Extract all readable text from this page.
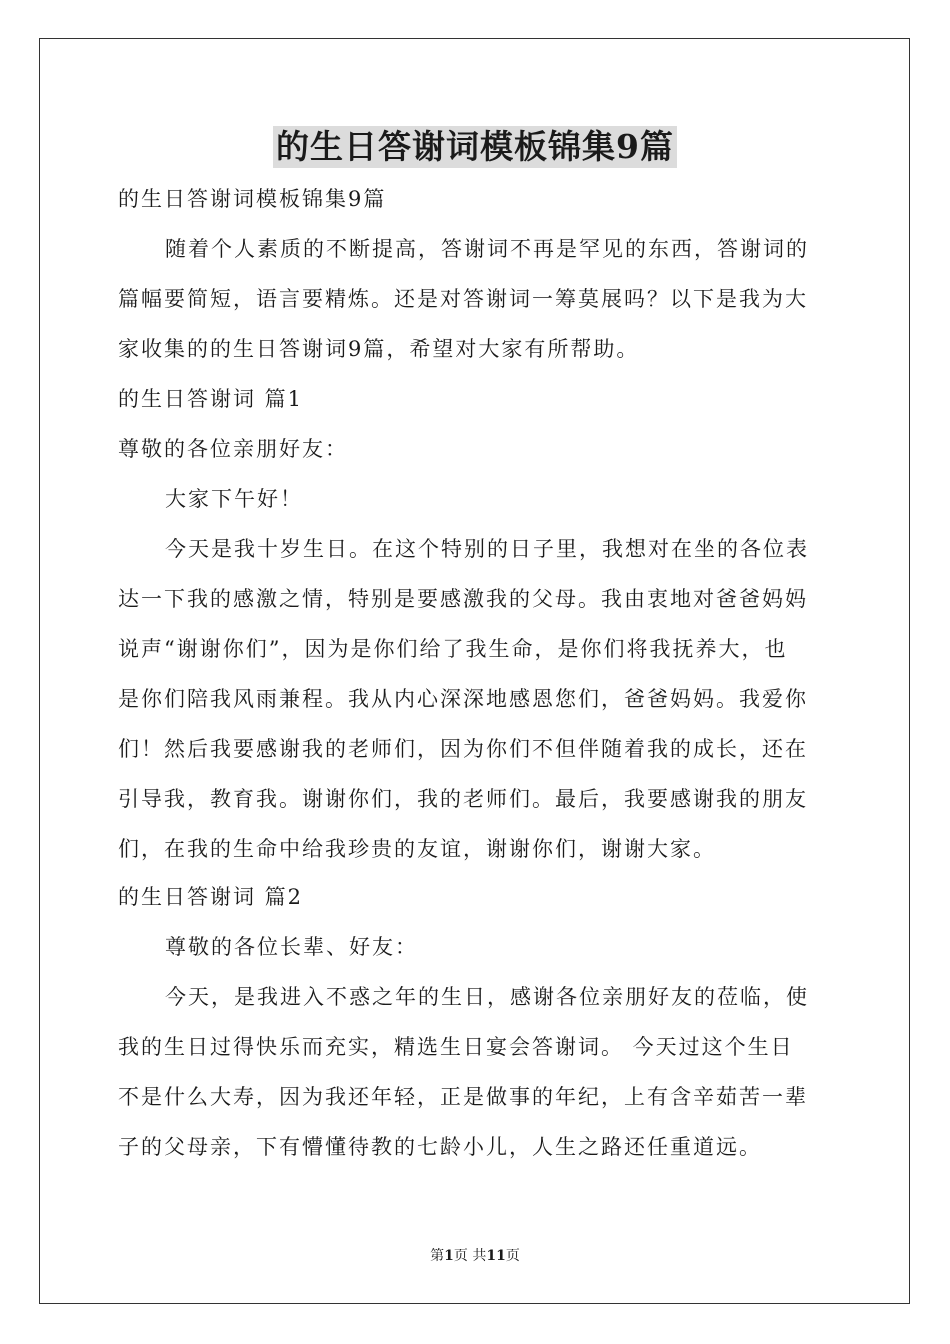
的生日答谢词模板锦集9篇
的生日答谢词模板锦集9篇
随着个人素质的不断提高，答谢词不再是罕见的东西，答谢词的
篇幅要简短，语言要精炼。还是对答谢词一筹莫展吗？以下是我为大
家收集的的生日答谢词9篇，希望对大家有所帮助。
的生日答谢词 篇1
尊敬的各位亲朋好友：
大家下午好！
今天是我十岁生日。在这个特别的日子里，我想对在坐的各位表
达一下我的感激之情，特别是要感激我的父母。我由衷地对爸爸妈妈
说声“谢谢你们”，因为是你们给了我生命，是你们将我抚养大，也
是你们陪我风雨兼程。我从内心深深地感恩您们，爸爸妈妈。我爱你
们！然后我要感谢我的老师们，因为你们不但伴随着我的成长，还在
引导我，教育我。谢谢你们，我的老师们。最后，我要感谢我的朋友
们，在我的生命中给我珍贵的友谊，谢谢你们，谢谢大家。
的生日答谢词 篇2
尊敬的各位长辈、好友：
今天，是我进入不惑之年的生日，感谢各位亲朋好友的莅临，使
我的生日过得快乐而充实，精选生日宴会答谢词。 今天过这个生日
不是什么大寿，因为我还年轻，正是做事的年纪，上有含辛茹苦一辈
子的父母亲，下有懵懂待教的七龄小儿，人生之路还任重道远。
第1页 共11页
